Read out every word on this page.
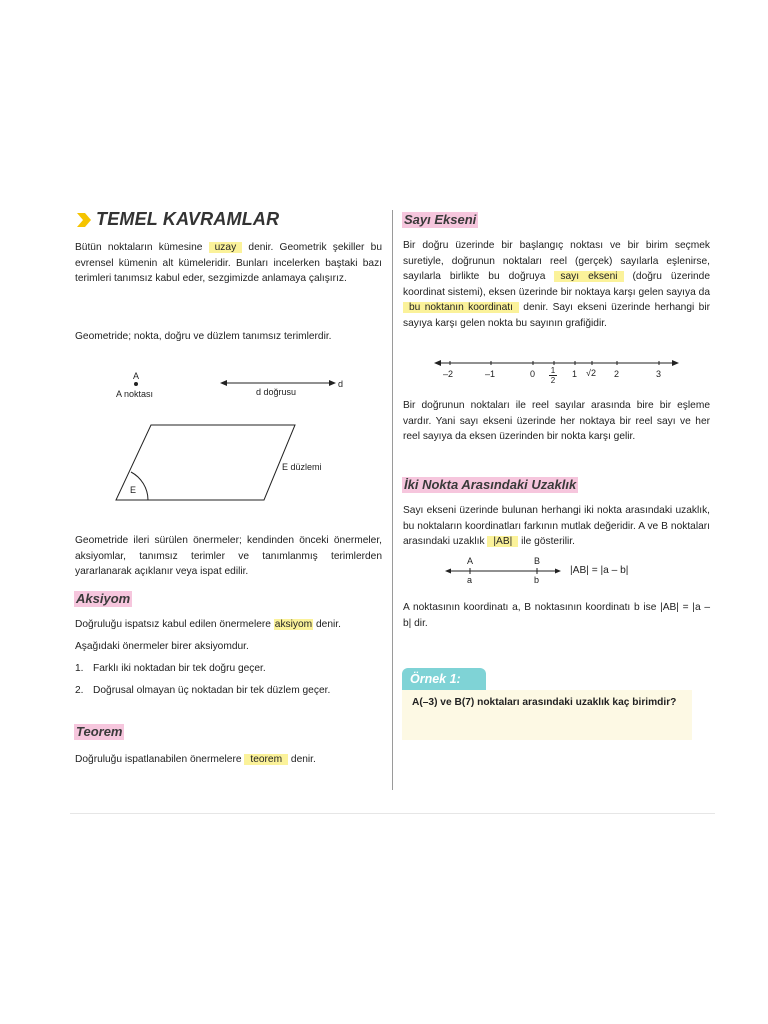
TEMEL KAVRAMLAR

Bütün noktaların kümesine uzay denir. Geometrik şekiller bu evrensel kümenin alt kümeleridir. Bunları incelerken baştaki bazı terimleri tanımsız kabul eder, sezgimizde anlamaya çalışırız.

Geometride; nokta, doğru ve düzlem tanımsız terimlerdir.

A
A noktası
d
d doğrusu
E düzlemi
E

Geometride ileri sürülen önermeler; kendinden önceki önermeler, aksiyomlar, tanımsız terimler ve tanımlanmış terimlerden yararlanarak açıklanır veya ispat edilir.

Aksiyom

Doğruluğu ispatsız kabul edilen önermelere aksiyom denir.

Aşağıdaki önermeler birer aksiyomdur.

1. Farklı iki noktadan bir tek doğru geçer.
2. Doğrusal olmayan üç noktadan bir tek düzlem geçer.
Teorem

Doğruluğu ispatlanabilen önermelere teorem denir.

Sayı Ekseni

Bir doğru üzerinde bir başlangıç noktası ve bir birim seçmek suretiyle, doğrunun noktaları reel (gerçek) sayılarla eşlenirse, sayılarla birlikte bu doğruya sayı ekseni (doğru üzerinde koordinat sistemi), eksen üzerinde bir noktaya karşı gelen sayıya da bu noktanın koordinatı denir. Sayı ekseni üzerinde herhangi bir sayıya karşı gelen nokta bu sayının grafiğidir.

–2	–1	$0 \frac{1}{2} 1$ √2 2	3

Bir doğrunun noktaları ile reel sayılar arasında bire bir eşleme vardır. Yani sayı ekseni üzerinde her noktaya bir reel sayı ve her reel sayıya da eksen üzerinden bir nokta karşı gelir.

İki Nokta Arasındaki Uzaklık

Sayı ekseni üzerinde bulunan herhangi iki nokta arasındaki uzaklık, bu noktaların koordinatları farkının mutlak değeridir. A ve B noktaları arasındaki uzaklık |AB| ile gösterilir.

A	B
a	b
|AB| = |a – b|

A noktasının koordinatı a, B noktasının koordinatı b ise |AB| = |a – b| dir.

Örnek 1:
A(–3) ve B(7) noktaları arasındaki uzaklık kaç birimdir?
